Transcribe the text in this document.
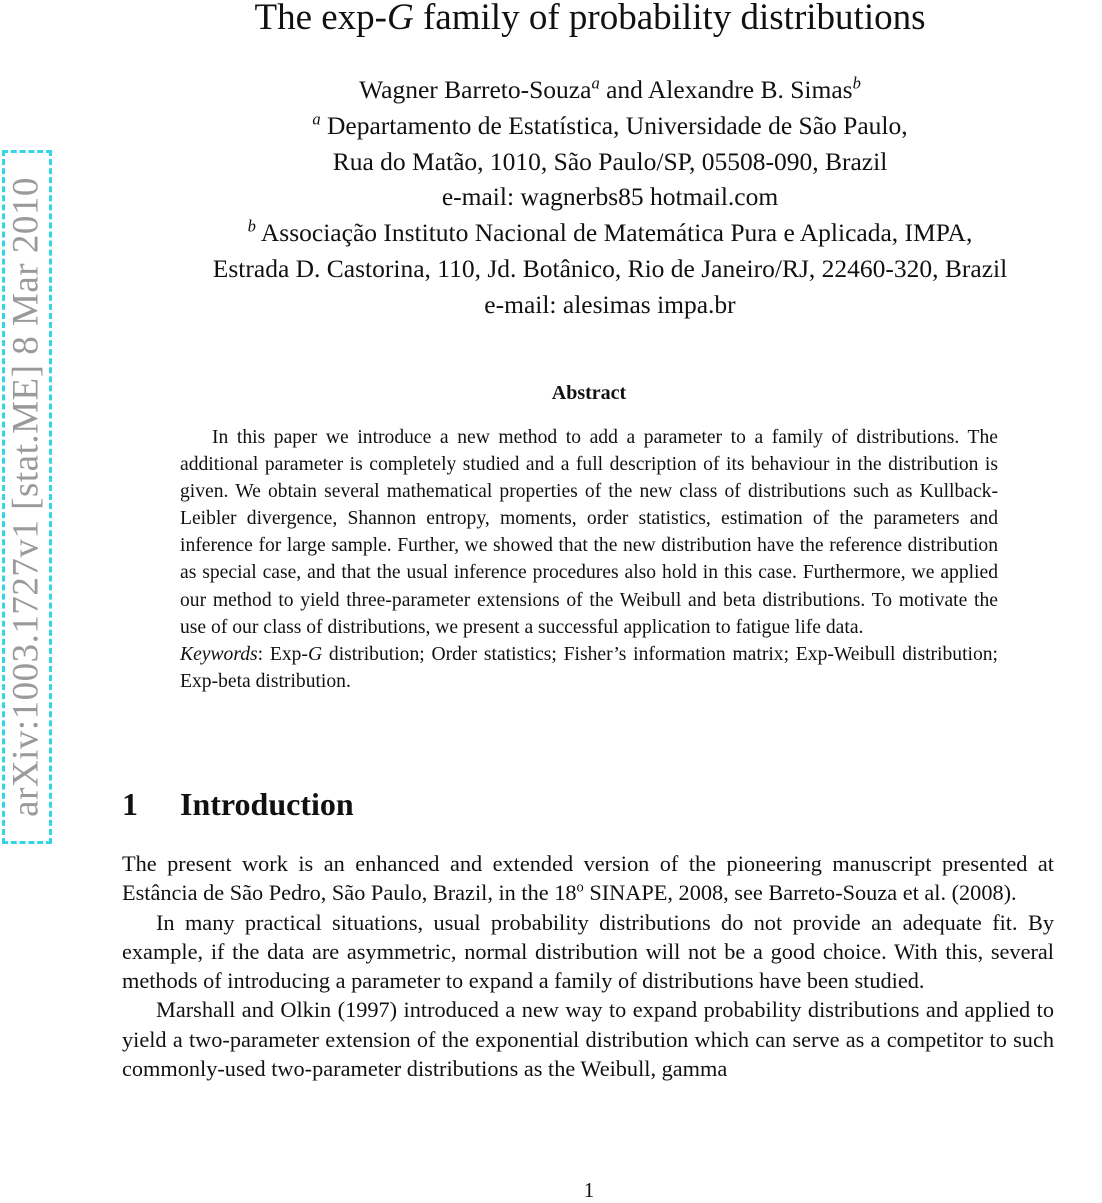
arXiv:1003.1727v1 [stat.ME] 8 Mar 2010
The exp-G family of probability distributions
Wagner Barreto-Souza$^a$ and Alexandre B. Simas$^b$
$^a$ Departamento de Estatística, Universidade de São Paulo,
Rua do Matão, 1010, São Paulo/SP, 05508-090, Brazil
e-mail: wagnerbs85 hotmail.com
$^b$ Associação Instituto Nacional de Matemática Pura e Aplicada, IMPA,
Estrada D. Castorina, 110, Jd. Botânico, Rio de Janeiro/RJ, 22460-320, Brazil
e-mail: alesimas impa.br
Abstract

In this paper we introduce a new method to add a parameter to a family of distributions. The additional parameter is completely studied and a full description of its behaviour in the distribution is given. We obtain several mathematical properties of the new class of distributions such as Kullback-Leibler divergence, Shannon entropy, moments, order statistics, estimation of the parameters and inference for large sample. Further, we showed that the new distribution have the reference distribution as special case, and that the usual inference procedures also hold in this case. Furthermore, we applied our method to yield three-parameter extensions of the Weibull and beta distributions. To motivate the use of our class of distributions, we present a successful application to fatigue life data.

Keywords: Exp-G distribution; Order statistics; Fisher’s information matrix; Exp-Weibull distribution; Exp-beta distribution.

1 Introduction

The present work is an enhanced and extended version of the pioneering manuscript presented at Estância de São Pedro, São Paulo, Brazil, in the 18$^o$ SINAPE, 2008, see Barreto-Souza et al. (2008).

In many practical situations, usual probability distributions do not provide an adequate fit. By example, if the data are asymmetric, normal distribution will not be a good choice. With this, several methods of introducing a parameter to expand a family of distributions have been studied.

Marshall and Olkin (1997) introduced a new way to expand probability distributions and applied to yield a two-parameter extension of the exponential distribution which can serve as a competitor to such commonly-used two-parameter distributions as the Weibull, gamma

1
